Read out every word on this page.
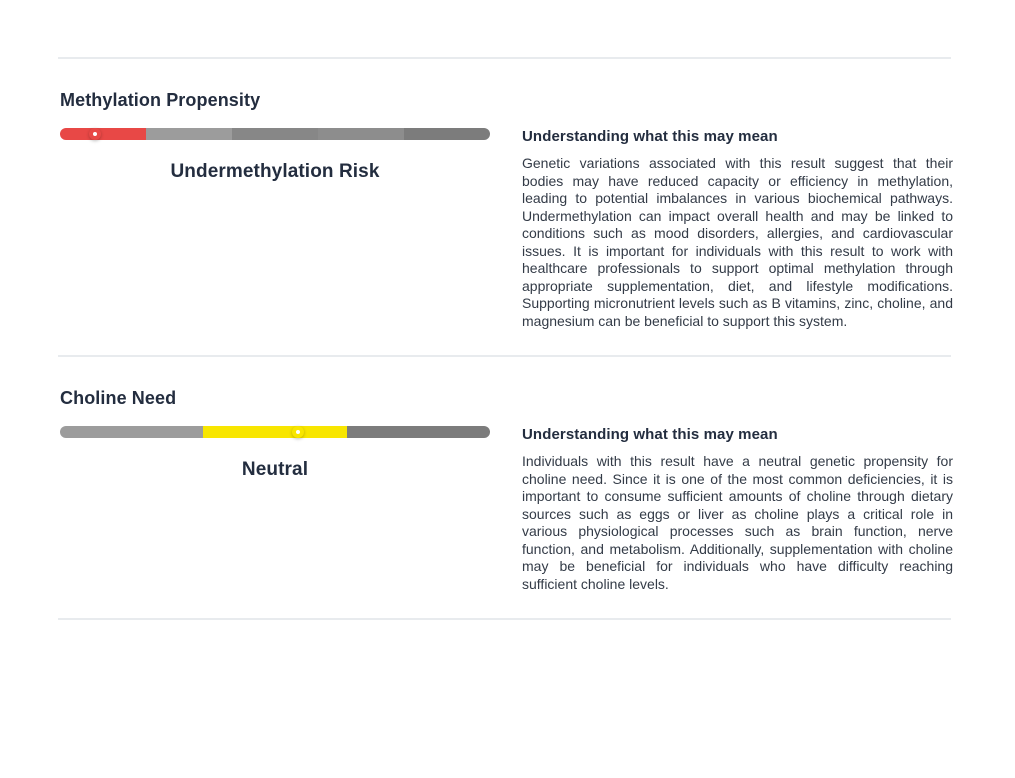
Methylation Propensity
Undermethylation Risk
Understanding what this may mean
Genetic variations associated with this result suggest that their bodies may have reduced capacity or efficiency in methylation, leading to potential imbalances in various biochemical pathways. Undermethylation can impact overall health and may be linked to conditions such as mood disorders, allergies, and cardiovascular issues. It is important for individuals with this result to work with healthcare professionals to support optimal methylation through appropriate supplementation, diet, and lifestyle modifications. Supporting micronutrient levels such as B vitamins, zinc, choline, and magnesium can be beneficial to support this system.
Choline Need
Neutral
Understanding what this may mean
Individuals with this result have a neutral genetic propensity for choline need. Since it is one of the most common deficiencies, it is important to consume sufficient amounts of choline through dietary sources such as eggs or liver as choline plays a critical role in various physiological processes such as brain function, nerve function, and metabolism. Additionally, supplementation with choline may be beneficial for individuals who have difficulty reaching sufficient choline levels.
